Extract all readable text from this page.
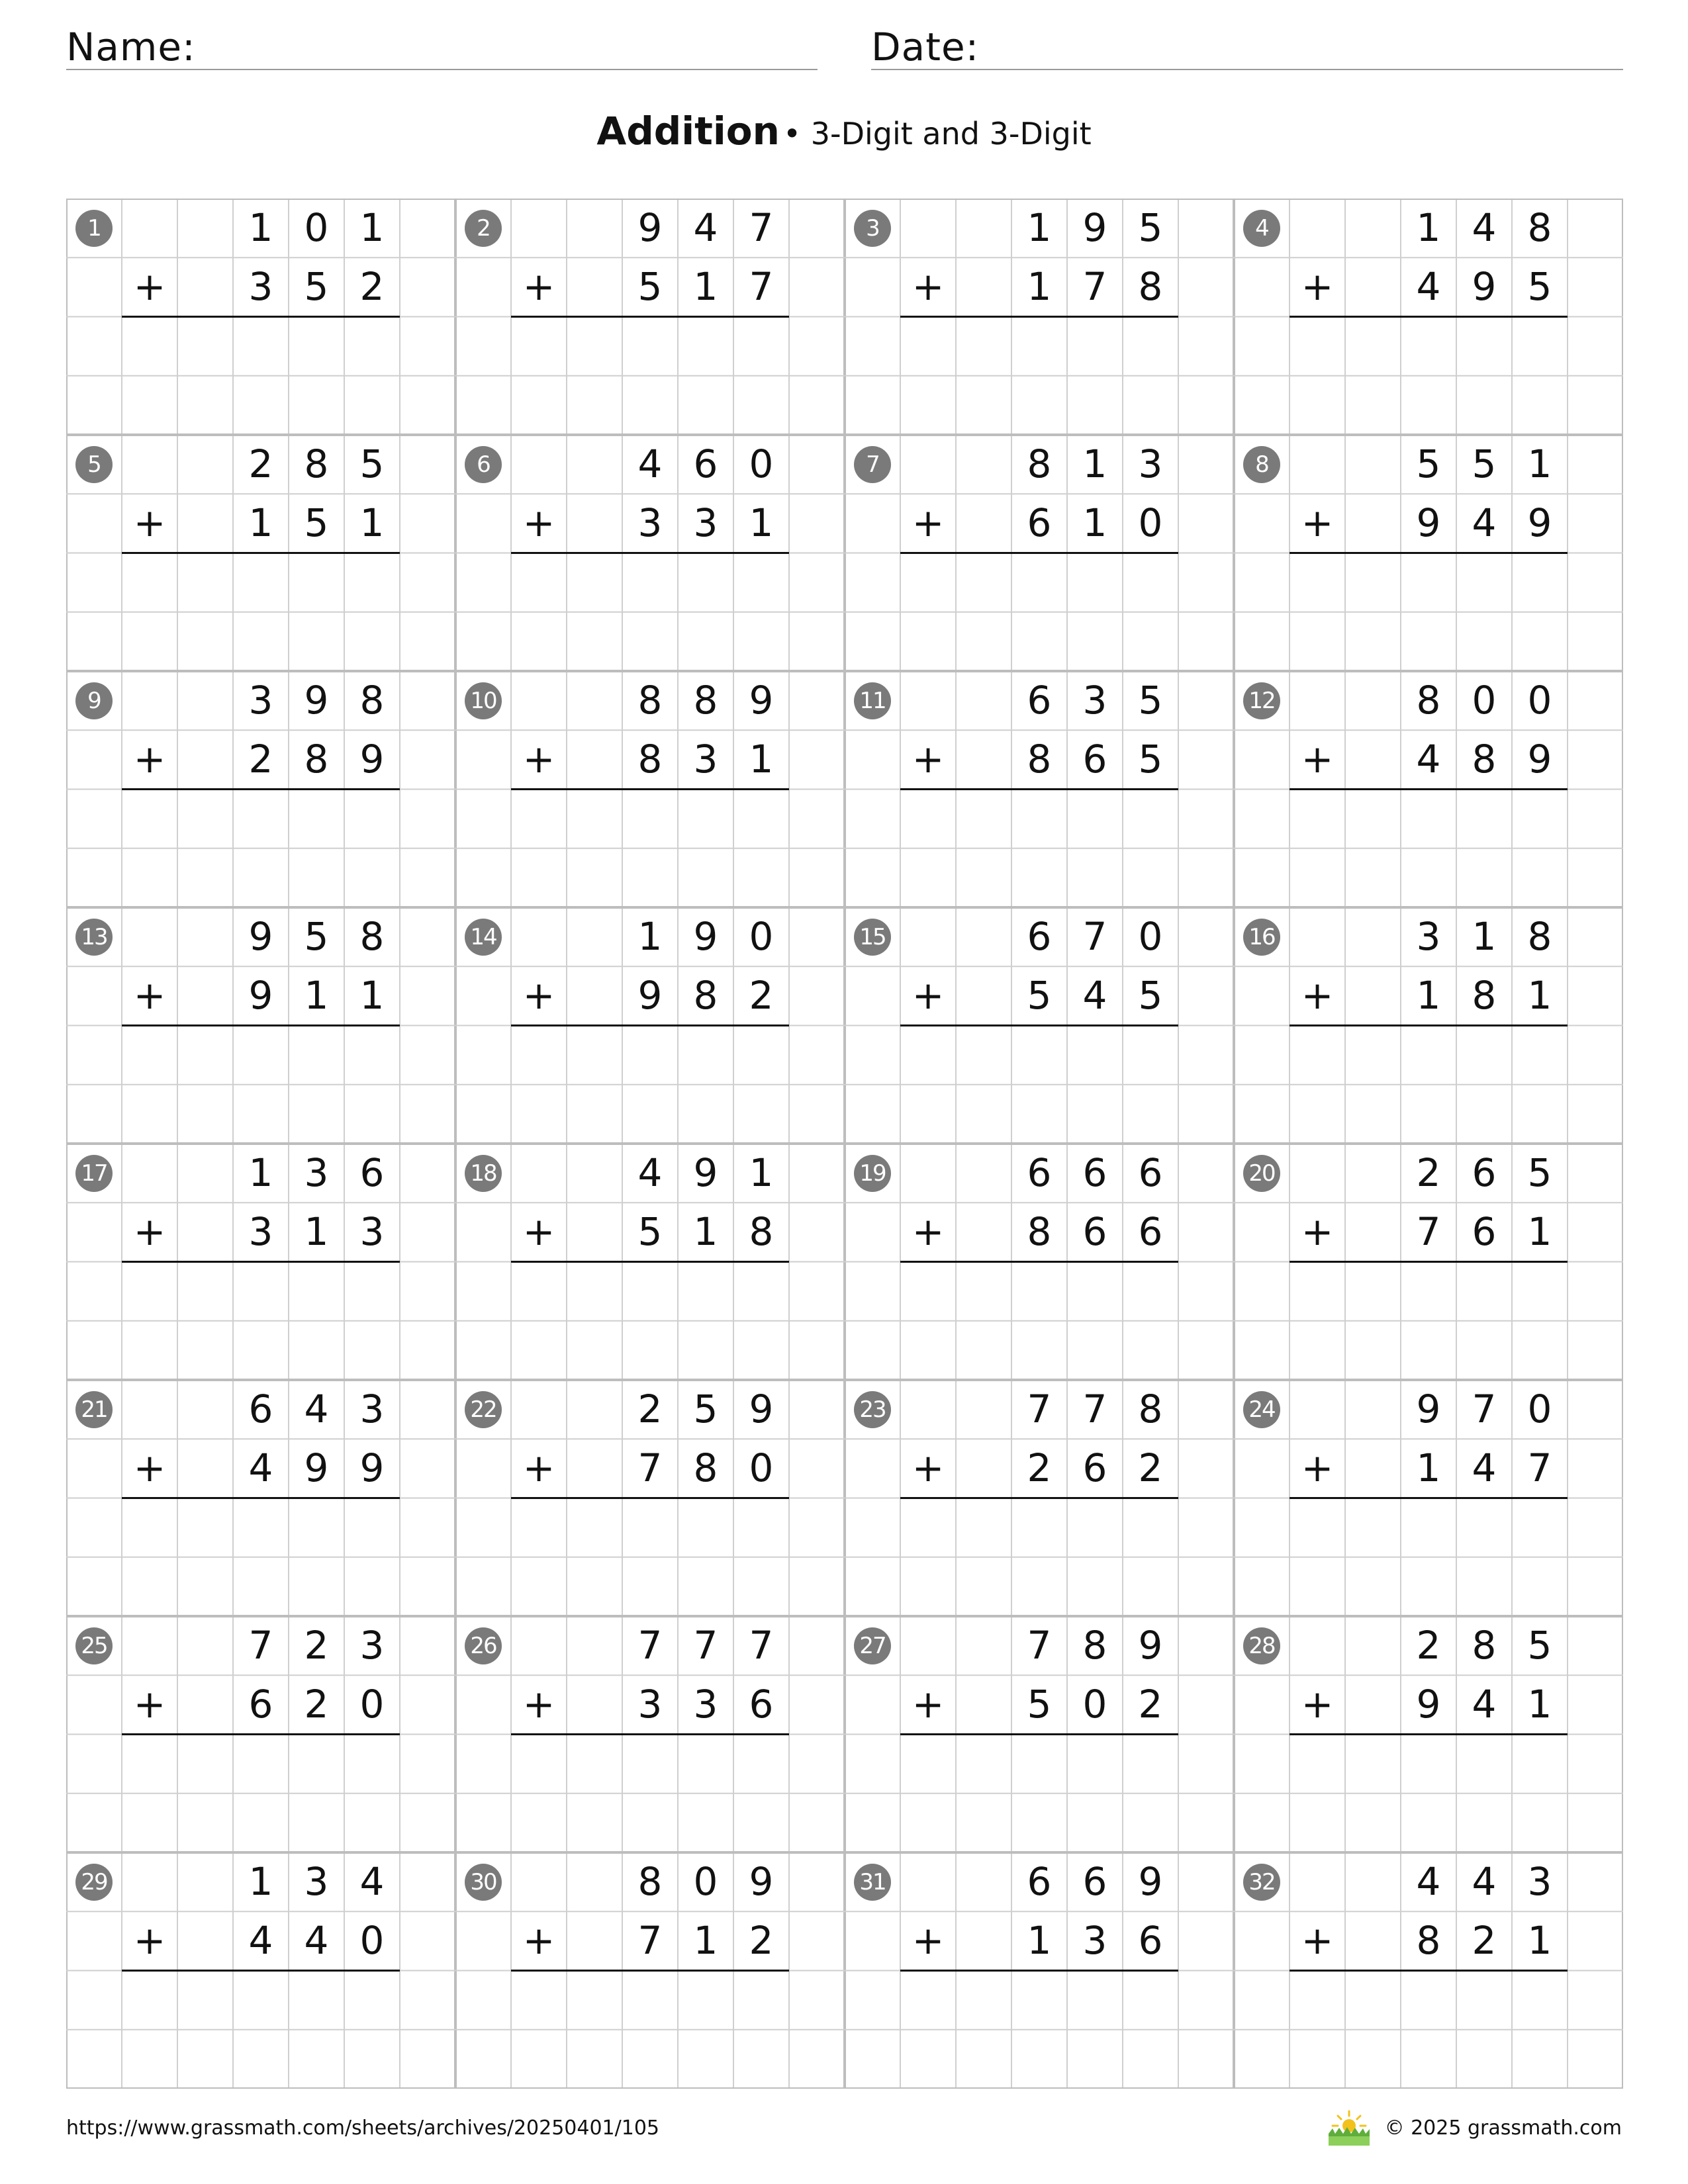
Name:	Date:
Addition • 3-Digit and 3-Digit
1	1 0 1
3 5 2
+
2	9 4 7
5 1 7
+
3	1 9 5
1 7 8
+
4	1 4 8
4 9 5
+
5	2 8 5
1 5 1
+
6	4 6 0
3 3 1
+
7	8 1 3
6 1 0
+
8	5 5 1
9 4 9
+
9	3 9 8
2 8 9
+
10	8 8 9
8 3 1
+
11	6 3 5
8 6 5
+
12	8 0 0
4 8 9
+
13	9 5 8
9 1 1
+
14	1 9 0
9 8 2
+
15	6 7 0
5 4 5
+
16	3 1 8
1 8 1
+
17	1 3 6
3 1 3
+
18	4 9 1
5 1 8
+
19	6 6 6
8 6 6
+
20	2 6 5
7 6 1
+
21	6 4 3
4 9 9
+
22	2 5 9
7 8 0
+
23	7 7 8
2 6 2
+
24	9 7 0
1 4 7
+
25	7 2 3
6 2 0
+
26	7 7 7
3 3 6
+
27	7 8 9
5 0 2
+
28	2 8 5
9 4 1
+
29	1 3 4
4 4 0
+
30	8 0 9
7 1 2
+
31	6 6 9
1 3 6
+
32	4 4 3
8 2 1
+
https://www.grassmath.com/sheets/archives/20250401/105	© 2025 grassmath.com
